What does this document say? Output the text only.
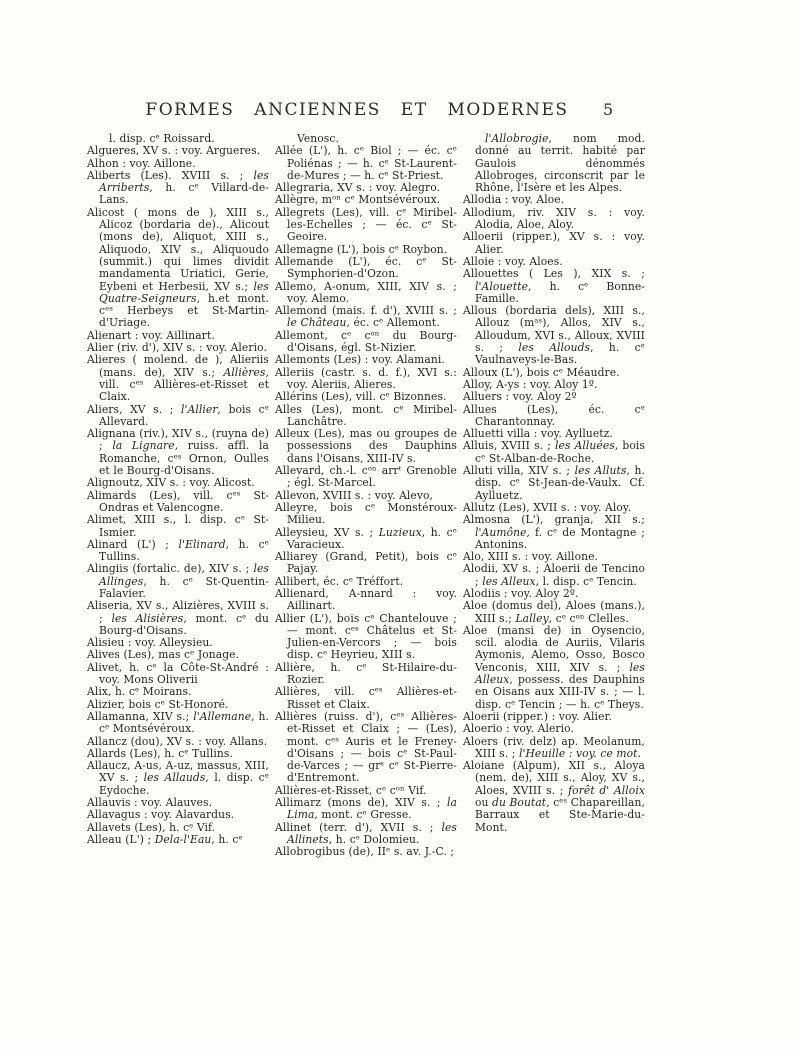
FORMES ANCIENNES ET MODERNES	5

l. disp. cᵉ Roissard.

Algueres, XV s. : voy. Argueres.

Alhon : voy. Aillone.

Aliberts (Les). XVIII s. ; les Arriberts, h. cᵉ Villard-de-Lans.

Alicost ( mons de ), XIII s., Alicoz (bordaria de)., Alicout (mons de), Aliquot, XIII s., Aliquodo, XIV s., Aliquoudo (summit.) qui limes dividit mandamenta Uriatici, Gerie, Eybeni et Herbesii, XV s.; les Quatre-Seigneurs, h.et mont. cᵉˢ Herbeys et St-Martin-d'Uriage.

Alienart : voy. Aillinart.

Alier (riv. d'), XIV s. : voy. Alerio.

Alieres ( molend. de ), Alieriis (mans. de), XIV s.; Allières, vill. cᵉˢ Allières-et-Risset et Claix.

Aliers, XV s. ; l'Allier, bois cᵉ Allevard.

Alignana (riv.), XIV s., (ruyna de) ; la Lignare, ruiss. affl. la Romanche, cᵉˢ Ornon, Oulles et le Bourg-d'Oisans.

Alignoutz, XIV s. : voy. Alicost.

Alimards (Les), vill. cᵉˢ St-Ondras et Valencogne.

Alimet, XIII s., l. disp. cᵉ St-Ismier.

Alinard (L') ; l'Elinard, h. cᵉ Tullins.

Alingiis (fortalic. de), XIV s. ; les Allinges, h. cᵉ St-Quentin-Falavier.

Aliseria, XV s., Alizières, XVIII s. ; les Alisières, mont. cᵉ du Bourg-d'Oisans.

Alisieu : voy. Alleysieu.

Alives (Les), mas cᵉ Jonage.

Alivet, h. cᵉ la Côte-St-André : voy. Mons Oliverii

Alix, h. cᵉ Moirans.

Alizier, bois cᵉ St-Honoré.

Allamanna, XIV s.; l'Allemane, h. cᵉ Montsévéroux.

Allancz (dou), XV s. : voy. Allans.

Allards (Les), h. cᵉ Tullins.

Allaucz, A-us, A-uz, massus, XIII, XV s. ; les Allauds, l. disp. cᵉ Eydoche.

Allauvis : voy. Alauves.

Allavagus : voy. Alavardus.

Allavets (Les), h. cᵉ Vif.

Alleau (L') ; Dela-l'Eau, h. cᵉ

Venosc.

Allée (L'), h. cᵉ Biol ; — éc. cᵉ Poliénas ; — h. cᵉ St-Laurent-de-Mures ; — h. cᵉ St-Priest.

Allegraria, XV s. : voy. Alegro.

Allègre, mᵒⁿ cᵉ Montsévéroux.

Allegrets (Les), vill. cᵉ Miribel-les-Echelles ; — éc. cᵉ St-Geoire.

Allemagne (L'), bois cᵉ Roybon.

Allemande (L'), éc. cᵉ St-Symphorien-d'Ozon.

Allemo, A-onum, XIII, XIV s. ; voy. Alemo.

Allemond (mais. f. d'), XVIII s. ; le Château, éc. cᵉ Allemont.

Allemont, cᵉ cᵒⁿ du Bourg-d'Oisans, égl. St-Nizier.

Allemonts (Les) : voy. Alamani.

Alleriis (castr. s. d. f.), XVI s.: voy. Aleriis, Alieres.

Allérins (Les), vill. cᵉ Bizonnes.

Alles (Les), mont. cᵉ Miribel-Lanchâtre.

Alleux (Les), mas ou groupes de possessions des Dauphins dans l'Oisans, XIII-IV s.

Allevard, ch.-l. cᵒⁿ arrᵗ Grenoble ; égl. St-Marcel.

Allevon, XVIII s. : voy. Alevo,

Alleyre, bois cᵉ Monstéroux-Milieu.

Alleysieu, XV s. ; Luzieux, h. cᵉ Varacieux.

Alliarey (Grand, Petit), bois cᵉ Pajay.

Allibert, éc. cᵉ Tréffort.

Allienard, A-nnard : voy. Aillinart.

Allier (L'), bois cᵉ Chantelouve ; — mont. cᵉˢ Châtelus et St-Julien-en-Vercors ; — bois disp. cᵉ Heyrieu, XIII s.

Allière, h. cᵉ St-Hilaire-du-Rozier.

Allières, vill. cᵉˢ Allières-et-Risset et Claix.

Allières (ruiss. d'), cᵉˢ Allières-et-Risset et Claix ; — (Les), mont. cᵉˢ Auris et le Freney-d'Oisans ; — bois cᵉ St-Paul-de-Varces ; — grˢ cᵉ St-Pierre-d'Entremont.

Allières-et-Risset, cᵉ cᵒⁿ Vif.

Allimarz (mons de), XIV s. ; la Lima, mont. cᵉ Gresse.

Allinet (terr. d'), XVII s. ; les Allinets, h. cᵉ Dolomieu.

Allobrogibus (de), IIᵉ s. av. J.-C. ;

l'Allobrogie, nom mod. donné au territ. habité par Gaulois dénommés Allobroges, circonscrit par le Rhône, l'Isère et les Alpes.

Allodia : voy. Aloe.

Allodium, riv. XIV s. : voy. Alodia, Aloe, Aloy.

Alloerii (ripper.), XV s. : voy. Alier.

Alloie : voy. Aloes.

Allouettes ( Les ), XIX s. ; l'Alouette, h. cᵉ Bonne-Famille.

Allous (bordaria dels), XIII s., Allouz (mᵃˢ), Allos, XIV s., Alloudum, XVI s., Alloux, XVIII s. ; les Allouds, h. cᵉ Vaulnaveys-le-Bas.

Alloux (L'), bois cᵉ Méaudre.

Alloy, A-ys : voy. Aloy 1º.

Alluers : voy. Aloy 2º

Allues (Les), éc. cᵉ Charantonnay.

Alluetti villa : voy. Aylluetz.

Alluis, XVIII s. ; les Alluées, bois cᵉ St-Alban-de-Roche.

Alluti villa, XIV s. ; les Alluts, h. disp. cᵉ St-Jean-de-Vaulx. Cf. Aylluetz.

Allutz (Les), XVII s. : voy. Aloy.

Almosna (L'), granja, XII s.; l'Aumône, f. cᵉ de Montagne ; Antonins.

Alo, XIII s. : voy. Aillone.

Alodii, XV s. ; Aloerii de Tencino ; les Alleux, l. disp. cᵉ Tencin.

Alodiis : voy. Aloy 2º.

Aloe (domus del), Aloes (mans.), XIII s.; Lalley, cᵉ cᵒⁿ Clelles.

Aloe (mansi de) in Oysencio, scil. alodia de Auriis, Vilaris Aymonis, Alemo, Osso, Bosco Venconis, XIII, XIV s. ; les Alleux, possess. des Dauphins en Oisans aux XIII-IV s. ; — l. disp. cᵉ Tencin ; — h. cᵉ Theys.

Aloerii (ripper.) : voy. Alier.

Aloerio : voy. Alerio.

Aloers (riv. delz) ap. Meolanum, XIII s. ; l'Heuille : voy. ce mot.

Aloiane (Alpum), XII s., Aloya (nem. de), XIII s., Aloy, XV s., Aloes, XVIII s. ; forêt d' Alloix ou du Boutat, cᵉˢ Chapareillan, Barraux et Ste-Marie-du-Mont.
